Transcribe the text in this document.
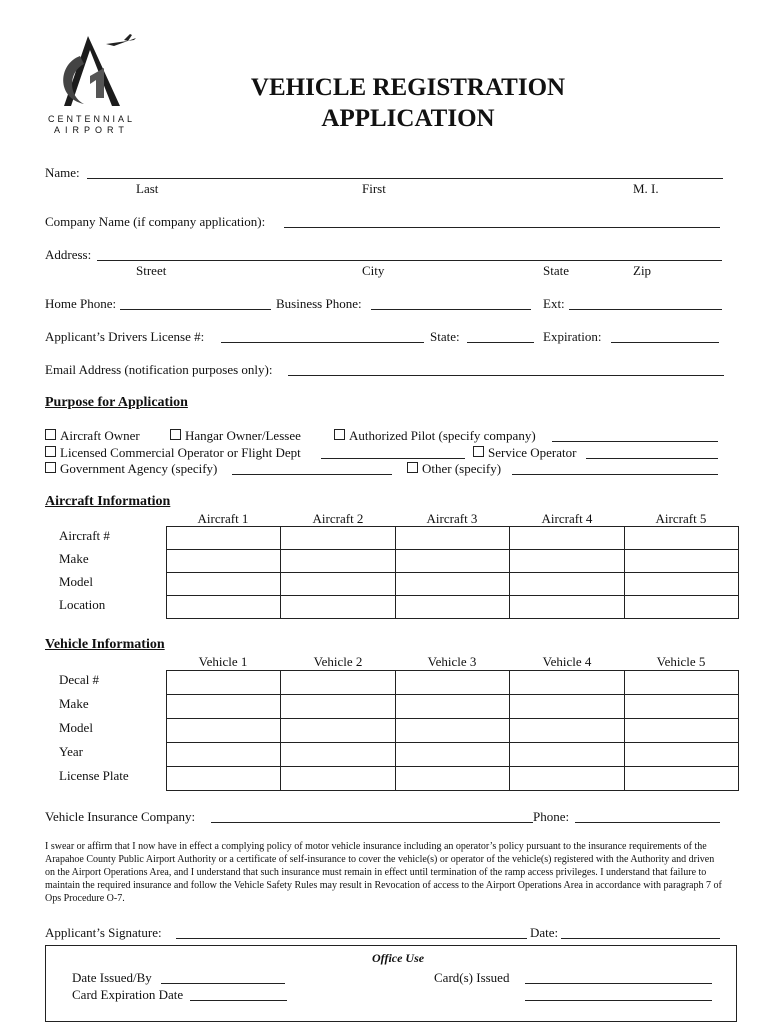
CENTENNIAL
AIRPORT
VEHICLE REGISTRATION
APPLICATION
Name:
Last	First	M. I.
Company Name (if company application):
Address:
Street	City	State	Zip
Home Phone:	Business Phone:	Ext:
Applicant’s Drivers License #:	State:	Expiration:
Email Address (notification purposes only):
Purpose for Application
Aircraft Owner	Hangar Owner/Lessee	Authorized Pilot (specify company)
Licensed Commercial Operator or Flight Dept	Service Operator
Government Agency (specify)	Other (specify)
Aircraft Information
Aircraft 1	Aircraft 2	Aircraft 3	Aircraft 4	Aircraft 5
Aircraft #
Make
Model
Location

Vehicle Information
Vehicle 1	Vehicle 2	Vehicle 3	Vehicle 4	Vehicle 5
Decal #
Make
Model
Year
License Plate

Vehicle Insurance Company:	Phone:
I swear or affirm that I now have in effect a complying policy of motor vehicle insurance including an operator’s policy pursuant to the insurance requirements of the Arapahoe County Public Airport Authority or a certificate of self-insurance to cover the vehicle(s) or operator of the vehicle(s) registered with the Authority and driven on the Airport Operations Area, and I understand that such insurance must remain in effect until termination of the ramp access privileges. I understand that failure to maintain the required insurance and follow the Vehicle Safety Rules may result in Revocation of access to the Airport Operations Area in accordance with paragraph 7 of Ops Procedure O-7.
Applicant’s Signature:	Date:
Office Use
Date Issued/By
Card Expiration Date
Card(s) Issued
